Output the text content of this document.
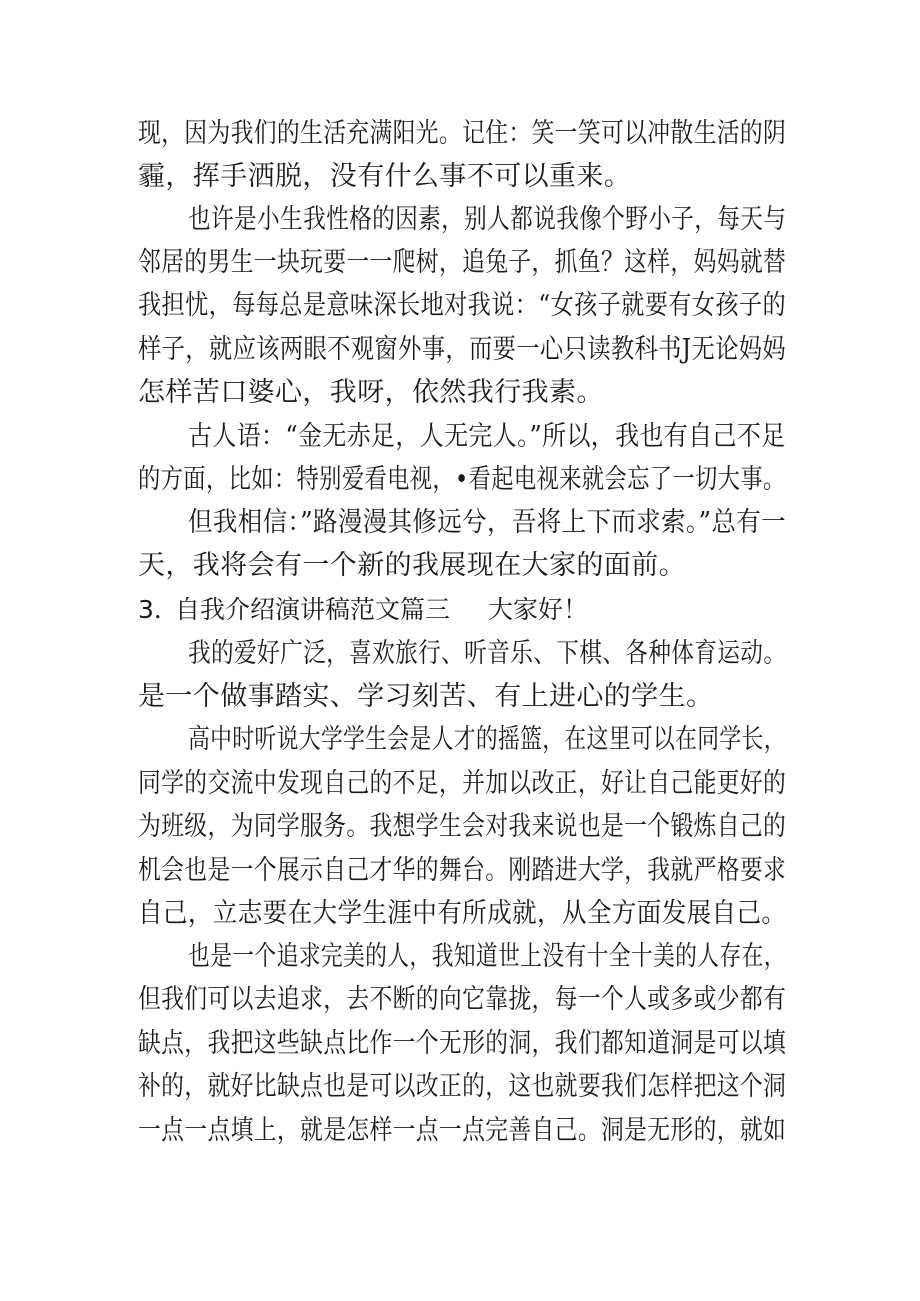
现，因为我们的生活充满阳光。记住：笑一笑可以冲散生活的阴
霾，挥手洒脱，没有什么事不可以重来。
也许是小生我性格的因素，别人都说我像个野小子，每天与
邻居的男生一块玩要一一爬树，追兔子，抓鱼？这样，妈妈就替
我担忧，每每总是意味深长地对我说：“女孩子就要有女孩子的
样子，就应该两眼不观窗外事，而要一心只读教科书J无论妈妈
怎样苦口婆心，我呀，依然我行我素。
古人语：“金无赤足，人无完人。”所以，我也有自己不足
的方面，比如：特别爱看电视，•看起电视来就会忘了一切大事。
但我相信：”路漫漫其修远兮，吾将上下而求索。”总有一
天，我将会有一个新的我展现在大家的面前。
3．
自我介绍演讲稿范文篇三 大家好！
我的爱好广泛，喜欢旅行、听音乐、下棋、各种体育运动。
是一个做事踏实、学习刻苦、有上进心的学生。
高中时听说大学学生会是人才的摇篮，在这里可以在同学长，
同学的交流中发现自己的不足，并加以改正，好让自己能更好的
为班级，为同学服务。我想学生会对我来说也是一个锻炼自己的
机会也是一个展示自己才华的舞台。刚踏进大学，我就严格要求
自己，立志要在大学生涯中有所成就，从全方面发展自己。
也是一个追求完美的人，我知道世上没有十全十美的人存在，
但我们可以去追求，去不断的向它靠拢，每一个人或多或少都有
缺点，我把这些缺点比作一个无形的洞，我们都知道洞是可以填
补的，就好比缺点也是可以改正的，这也就要我们怎样把这个洞
一点一点填上，就是怎样一点一点完善自己。洞是无形的，就如
